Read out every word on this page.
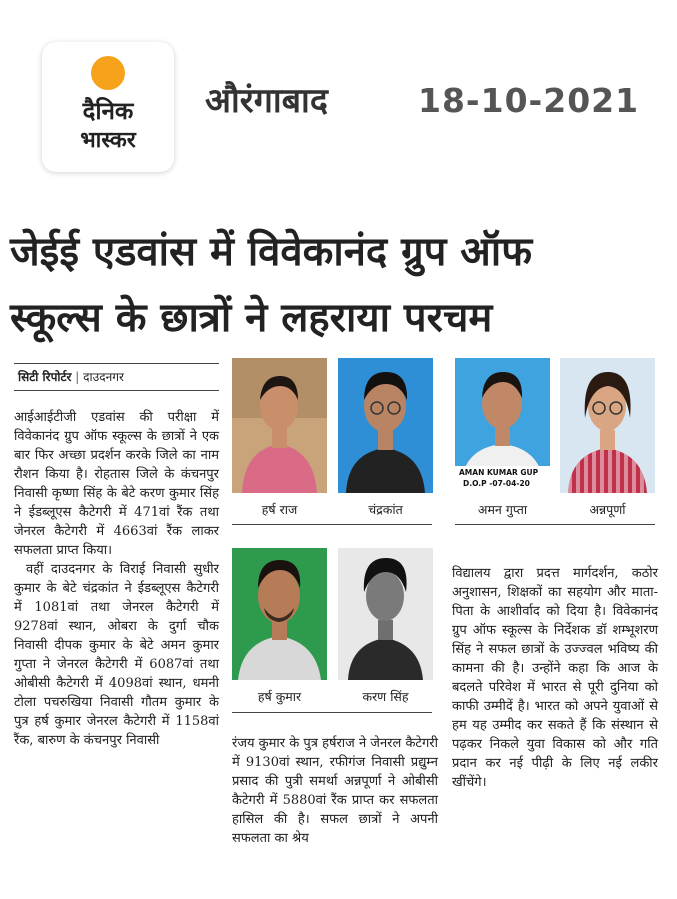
दैनिक
भास्कर
औरंगाबाद	18-10-2021
जेईई एडवांस में विवेकानंद ग्रुप ऑफ
स्कूल्स के छात्रों ने लहराया परचम
सिटी रिपोर्टर | दाउदनगर

आईआईटीजी एडवांस की परीक्षा में विवेकानंद ग्रुप ऑफ स्कूल्स के छात्रों ने एक बार फिर अच्छा प्रदर्शन करके जिले का नाम रौशन किया है। रोहतास जिले के कंचनपुर निवासी कृष्णा सिंह के बेटे करण कुमार सिंह ने ईडब्लूएस कैटेगरी में 471वां रैंक तथा जेनरल कैटेगरी में 4663वां रैंक लाकर सफलता प्राप्त किया।

वहीं दाउदनगर के विराई निवासी सुधीर कुमार के बेटे चंद्रकांत ने ईडब्लूएस कैटेगरी में 1081वां तथा जेनरल कैटेगरी में 9278वां स्थान, ओबरा के दुर्गा चौक निवासी दीपक कुमार के बेटे अमन कुमार गुप्ता ने जेनरल कैटेगरी में 6087वां तथा ओबीसी कैटेगरी में 4098वां स्थान, धमनी टोला पचरुखिया निवासी गौतम कुमार के पुत्र हर्ष कुमार जेनरल कैटेगरी में 1158वां रैंक, बारुण के कंचनपुर निवासी

AMAN KUMAR GUP
D.O.P -07-04-20
हर्ष राज	चंद्रकांत	अमन गुप्ता	अन्नपूर्णा
हर्ष कुमार	करण सिंह
रंजय कुमार के पुत्र हर्षराज ने जेनरल कैटेगरी में 9130वां स्थान, रफीगंज निवासी प्रद्युम्न प्रसाद की पुत्री समर्था अन्नपूर्णा ने ओबीसी कैटेगरी में 5880वां रैंक प्राप्त कर सफलता हासिल की है। सफल छात्रों ने अपनी सफलता का श्रेय
विद्यालय द्वारा प्रदत्त मार्गदर्शन, कठोर अनुशासन, शिक्षकों का सहयोग और माता-पिता के आशीर्वाद को दिया है। विवेकानंद ग्रुप ऑफ स्कूल्स के निर्देशक डॉ शम्भूशरण सिंह ने सफल छात्रों के उज्ज्वल भविष्य की कामना की है। उन्होंने कहा कि आज के बदलते परिवेश में भारत से पूरी दुनिया को काफी उम्मीदें है। भारत को अपने युवाओं से हम यह उम्मीद कर सकते हैं कि संस्थान से पढ़कर निकले युवा विकास को और गति प्रदान कर नई पीढ़ी के लिए नई लकीर खींचेंगे।
